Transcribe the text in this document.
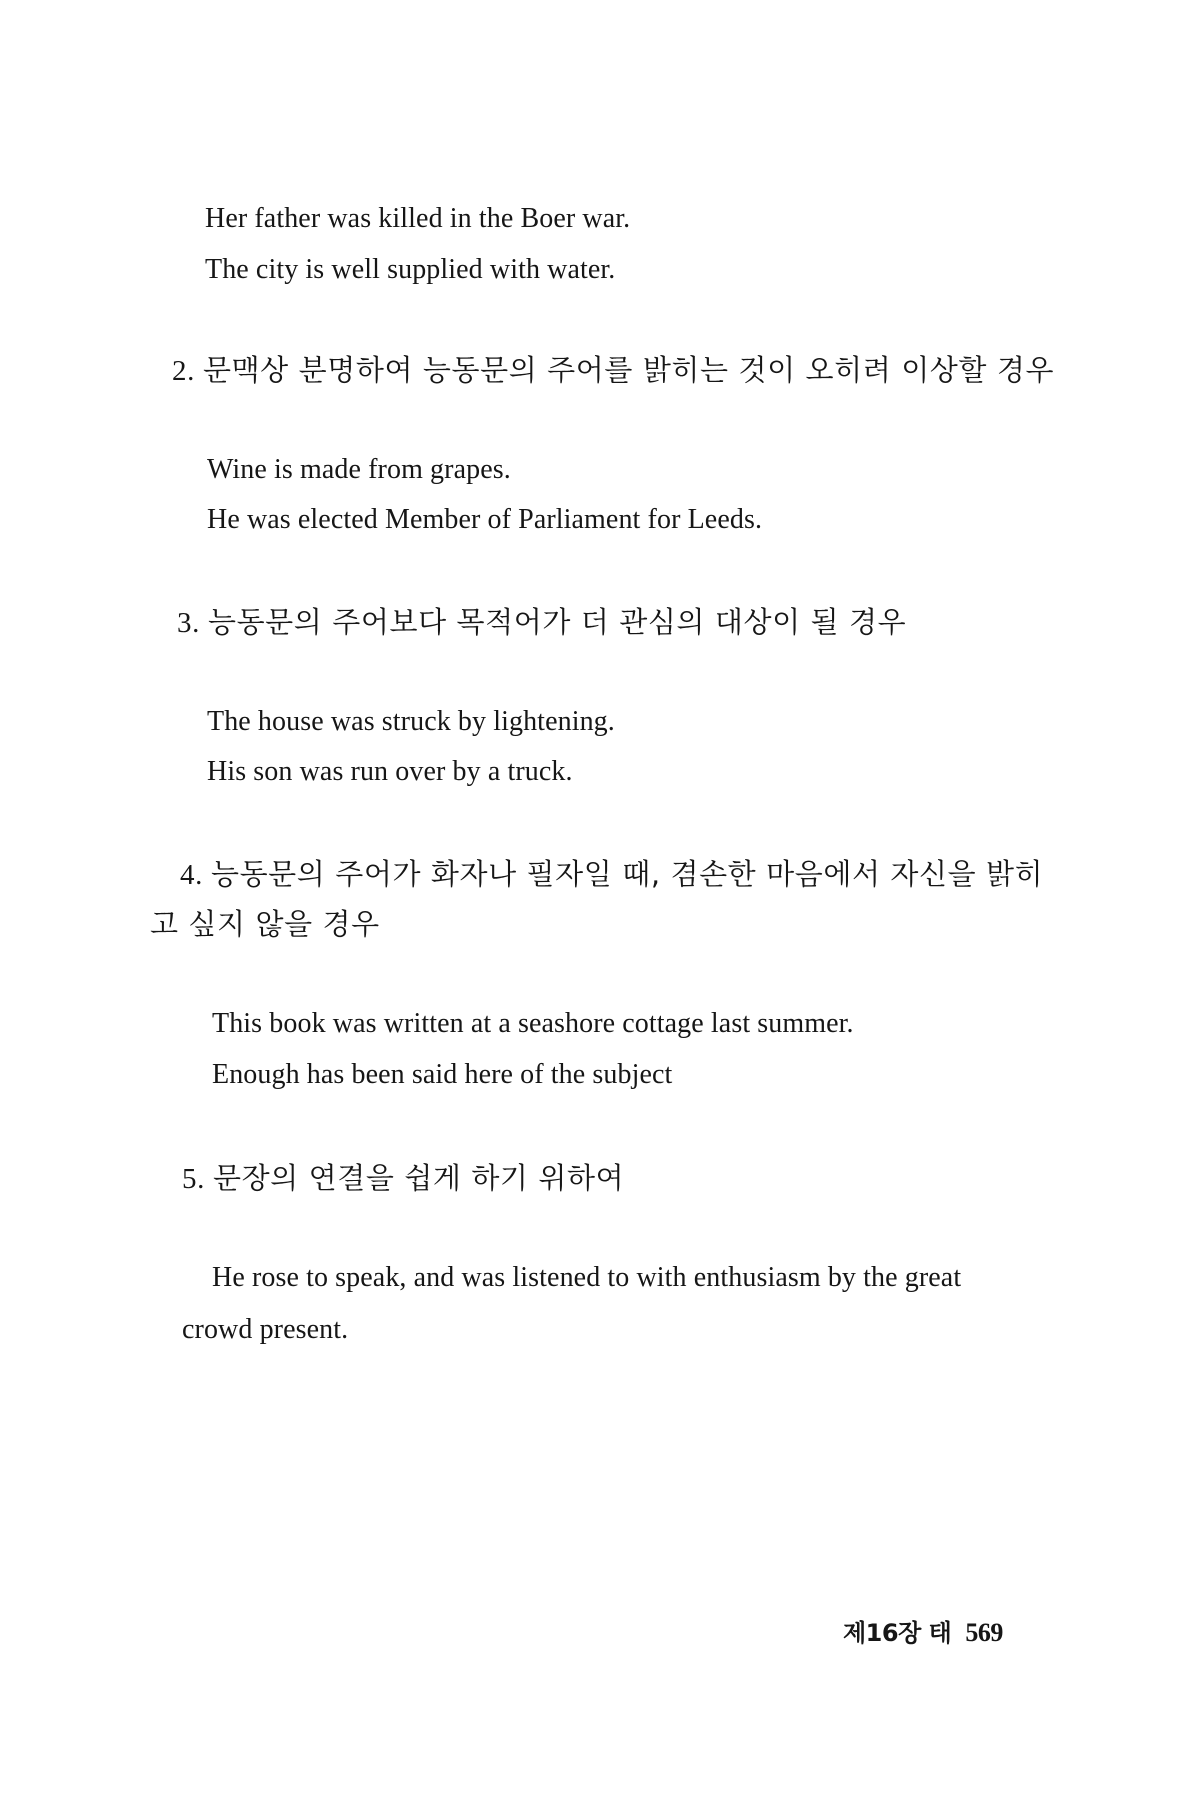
Her father was killed in the Boer war.
The city is well supplied with water.
2. 문맥상 분명하여 능동문의 주어를 밝히는 것이 오히려 이상할 경우
Wine is made from grapes.
He was elected Member of Parliament for Leeds.
3. 능동문의 주어보다 목적어가 더 관심의 대상이 될 경우
The house was struck by lightening.
His son was run over by a truck.
4. 능동문의 주어가 화자나 필자일 때, 겸손한 마음에서 자신을 밝히
고 싶지 않을 경우
This book was written at a seashore cottage last summer.
Enough has been said here of the subject
5. 문장의 연결을 쉽게 하기 위하여
He rose to speak, and was listened to with enthusiasm by the great
crowd present.
제16장 태 569
